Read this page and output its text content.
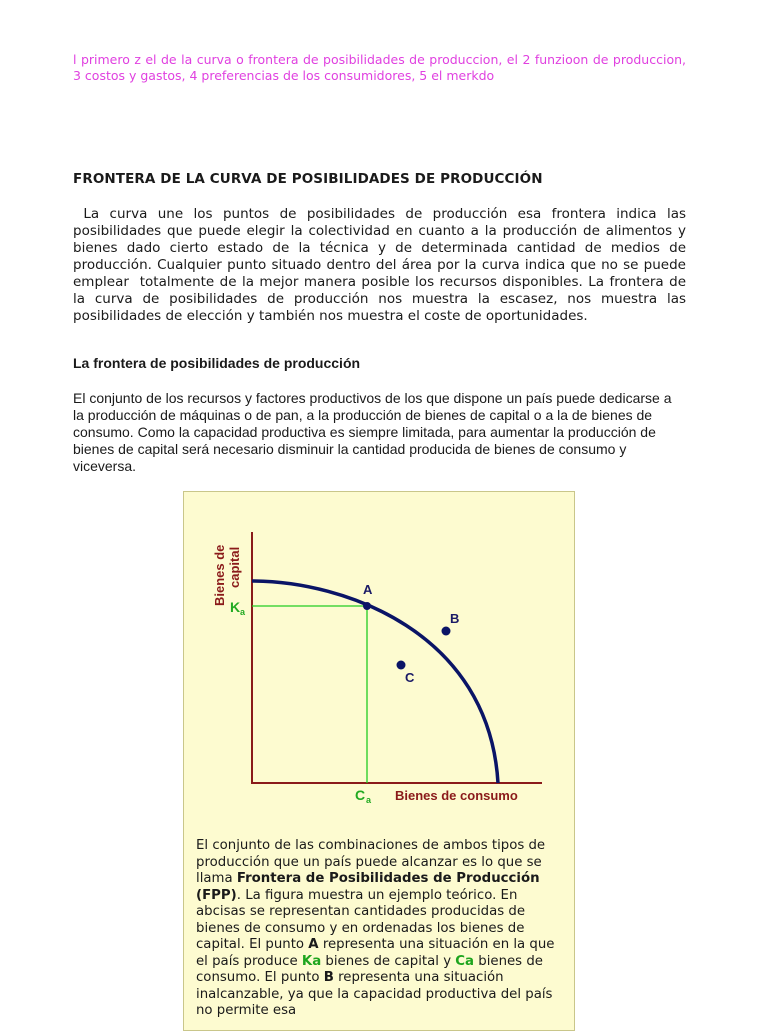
l primero z el de la curva o frontera de posibilidades de produccion, el 2 funzioon de produccion, 3 costos y gastos, 4 preferencias de los consumidores, 5 el merkdo
FRONTERA DE LA CURVA DE POSIBILIDADES DE PRODUCCIÓN
La curva une los puntos de posibilidades de producción esa frontera indica las posibilidades que puede elegir la colectividad en cuanto a la producción de alimentos y bienes dado cierto estado de la técnica y de determinada cantidad de medios de producción. Cualquier punto situado dentro del área por la curva indica que no se puede emplear  totalmente de la mejor manera posible los recursos disponibles. La frontera de la curva de posibilidades de producción nos muestra la escasez, nos muestra las posibilidades de elección y también nos muestra el coste de oportunidades.
La frontera de posibilidades de producción
El conjunto de los recursos y factores productivos de los que dispone un país puede dedicarse a la producción de máquinas o de pan, a la producción de bienes de capital o a la de bienes de consumo. Como la capacidad productiva es siempre limitada, para aumentar la producción de bienes de capital será necesario disminuir la cantidad producida de bienes de consumo y viceversa.
A
B
C
Bienes de capital
Bienes de consumo
K a
C a
El conjunto de las combinaciones de ambos tipos de producción que un país puede alcanzar es lo que se llama Frontera de Posibilidades de Producción (FPP). La figura muestra un ejemplo teórico. En abcisas se representan cantidades producidas de bienes de consumo y en ordenadas los bienes de capital. El punto A representa una situación en la que el país produce Ka bienes de capital y Ca bienes de consumo. El punto B representa una situación inalcanzable, ya que la capacidad productiva del país no permite esa
